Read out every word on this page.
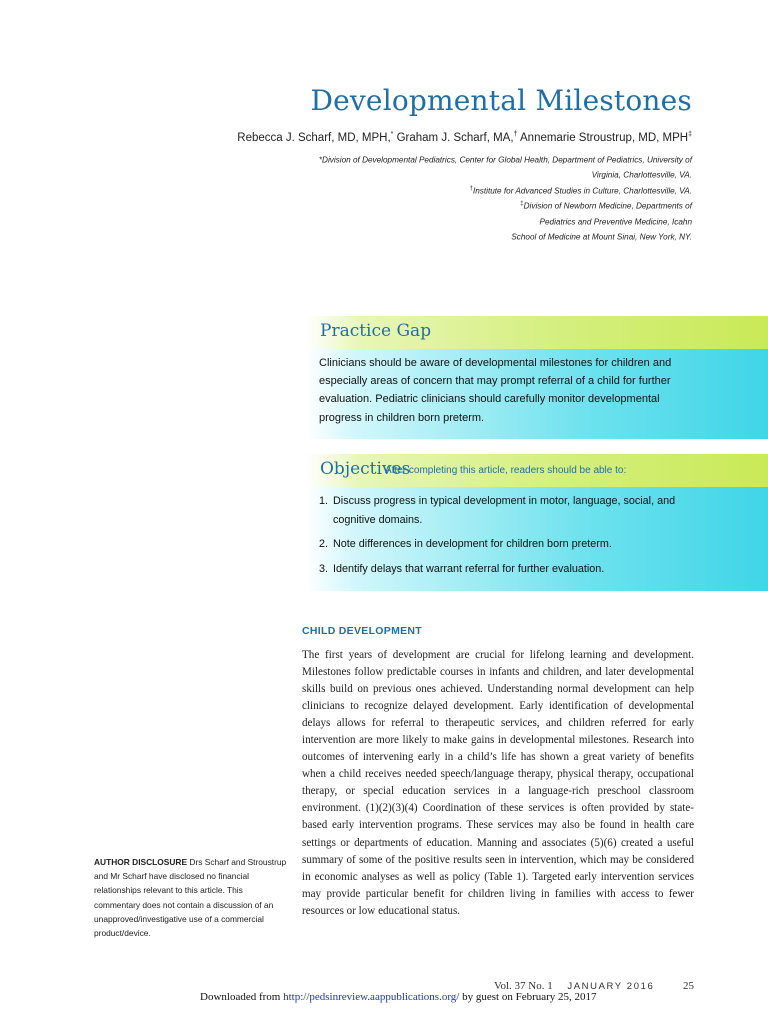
Developmental Milestones
Rebecca J. Scharf, MD, MPH,* Graham J. Scharf, MA,† Annemarie Stroustrup, MD, MPH‡

*Division of Developmental Pediatrics, Center for Global Health, Department of Pediatrics, University of

Virginia, Charlottesville, VA.

†Institute for Advanced Studies in Culture, Charlottesville, VA.

‡Division of Newborn Medicine, Departments of

Pediatrics and Preventive Medicine, Icahn

School of Medicine at Mount Sinai, New York, NY.

Practice Gap
Clinicians should be aware of developmental milestones for children and especially areas of concern that may prompt referral of a child for further evaluation. Pediatric clinicians should carefully monitor developmental progress in children born preterm.
Objectives
After completing this article, readers should be able to:
1. Discuss progress in typical development in motor, language, social, and cognitive domains.
2. Note differences in development for children born preterm.
3. Identify delays that warrant referral for further evaluation.
CHILD DEVELOPMENT

The first years of development are crucial for lifelong learning and development. Milestones follow predictable courses in infants and children, and later developmental skills build on previous ones achieved. Understanding normal development can help clinicians to recognize delayed development. Early identification of developmental delays allows for referral to therapeutic services, and children referred for early intervention are more likely to make gains in developmental milestones. Research into outcomes of intervening early in a child’s life has shown a great variety of benefits when a child receives needed speech/language therapy, physical therapy, occupational therapy, or special education services in a language-rich preschool classroom environment. (1)(2)(3)(4) Coordination of these services is often provided by state-based early intervention programs. These services may also be found in health care settings or departments of education. Manning and associates (5)(6) created a useful summary of some of the positive results seen in intervention, which may be considered in economic analyses as well as policy (Table 1). Targeted early intervention services may provide particular benefit for children living in families with access to fewer resources or low educational status.

AUTHOR DISCLOSURE Drs Scharf and Stroustrup and Mr Scharf have disclosed no financial relationships relevant to this article. This commentary does not contain a discussion of an unapproved/investigative use of a commercial product/device.

Vol. 37 No. 1 JANUARY 2016	25
Downloaded from http://pedsinreview.aappublications.org/ by guest on February 25, 2017
